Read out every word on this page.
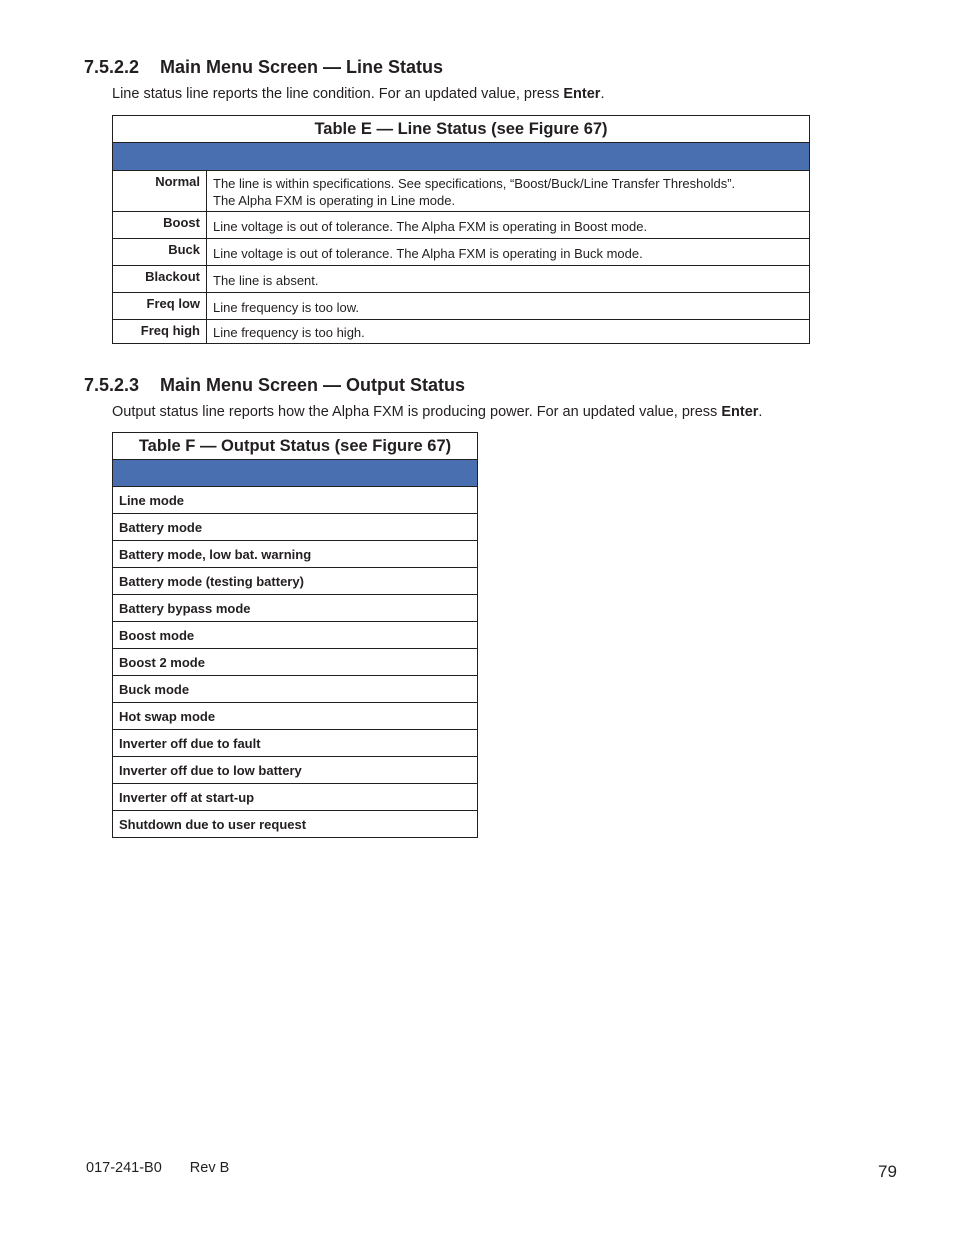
7.5.2.2 Main Menu Screen — Line Status

Line status line reports the line condition. For an updated value, press Enter.

Table E — Line Status (see Figure 67)	

Normal	The line is within specifications. See specifications, “Boost/Buck/Line Transfer Thresholds”.
The Alpha FXM is operating in Line mode.

Boost	Line voltage is out of tolerance. The Alpha FXM is operating in Boost mode.
Buck	Line voltage is out of tolerance. The Alpha FXM is operating in Buck mode.
Blackout	The line is absent.
Freq low	Line frequency is too low.
Freq high	Line frequency is too high.
7.5.2.3 Main Menu Screen — Output Status

Output status line reports how the Alpha FXM is producing power. For an updated value, press Enter.

Table F — Output Status (see Figure 67)

Line mode
Battery mode
Battery mode, low bat. warning
Battery mode (testing battery)
Battery bypass mode
Boost mode
Boost 2 mode
Buck mode
Hot swap mode
Inverter off due to fault
Inverter off due to low battery
Inverter off at start-up
Shutdown due to user request
017-241-B0 Rev B	79
